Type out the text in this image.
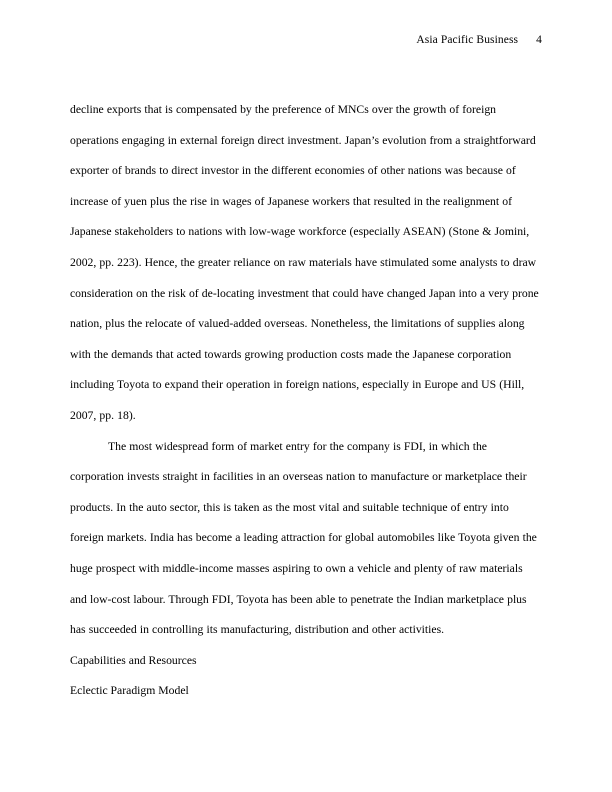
Asia Pacific Business 4

decline exports that is compensated by the preference of MNCs over the growth of foreign operations engaging in external foreign direct investment. Japan’s evolution from a straightforward exporter of brands to direct investor in the different economies of other nations was because of increase of yuen plus the rise in wages of Japanese workers that resulted in the realignment of Japanese stakeholders to nations with low-wage workforce (especially ASEAN) (Stone & Jomini, 2002, pp. 223). Hence, the greater reliance on raw materials have stimulated some analysts to draw consideration on the risk of de-locating investment that could have changed Japan into a very prone nation, plus the relocate of valued-added overseas. Nonetheless, the limitations of supplies along with the demands that acted towards growing production costs made the Japanese corporation including Toyota to expand their operation in foreign nations, especially in Europe and US (Hill, 2007, pp. 18).

The most widespread form of market entry for the company is FDI, in which the corporation invests straight in facilities in an overseas nation to manufacture or marketplace their products. In the auto sector, this is taken as the most vital and suitable technique of entry into foreign markets. India has become a leading attraction for global automobiles like Toyota given the huge prospect with middle-income masses aspiring to own a vehicle and plenty of raw materials and low-cost labour. Through FDI, Toyota has been able to penetrate the Indian marketplace plus has succeeded in controlling its manufacturing, distribution and other activities.

Capabilities and Resources

Eclectic Paradigm Model
